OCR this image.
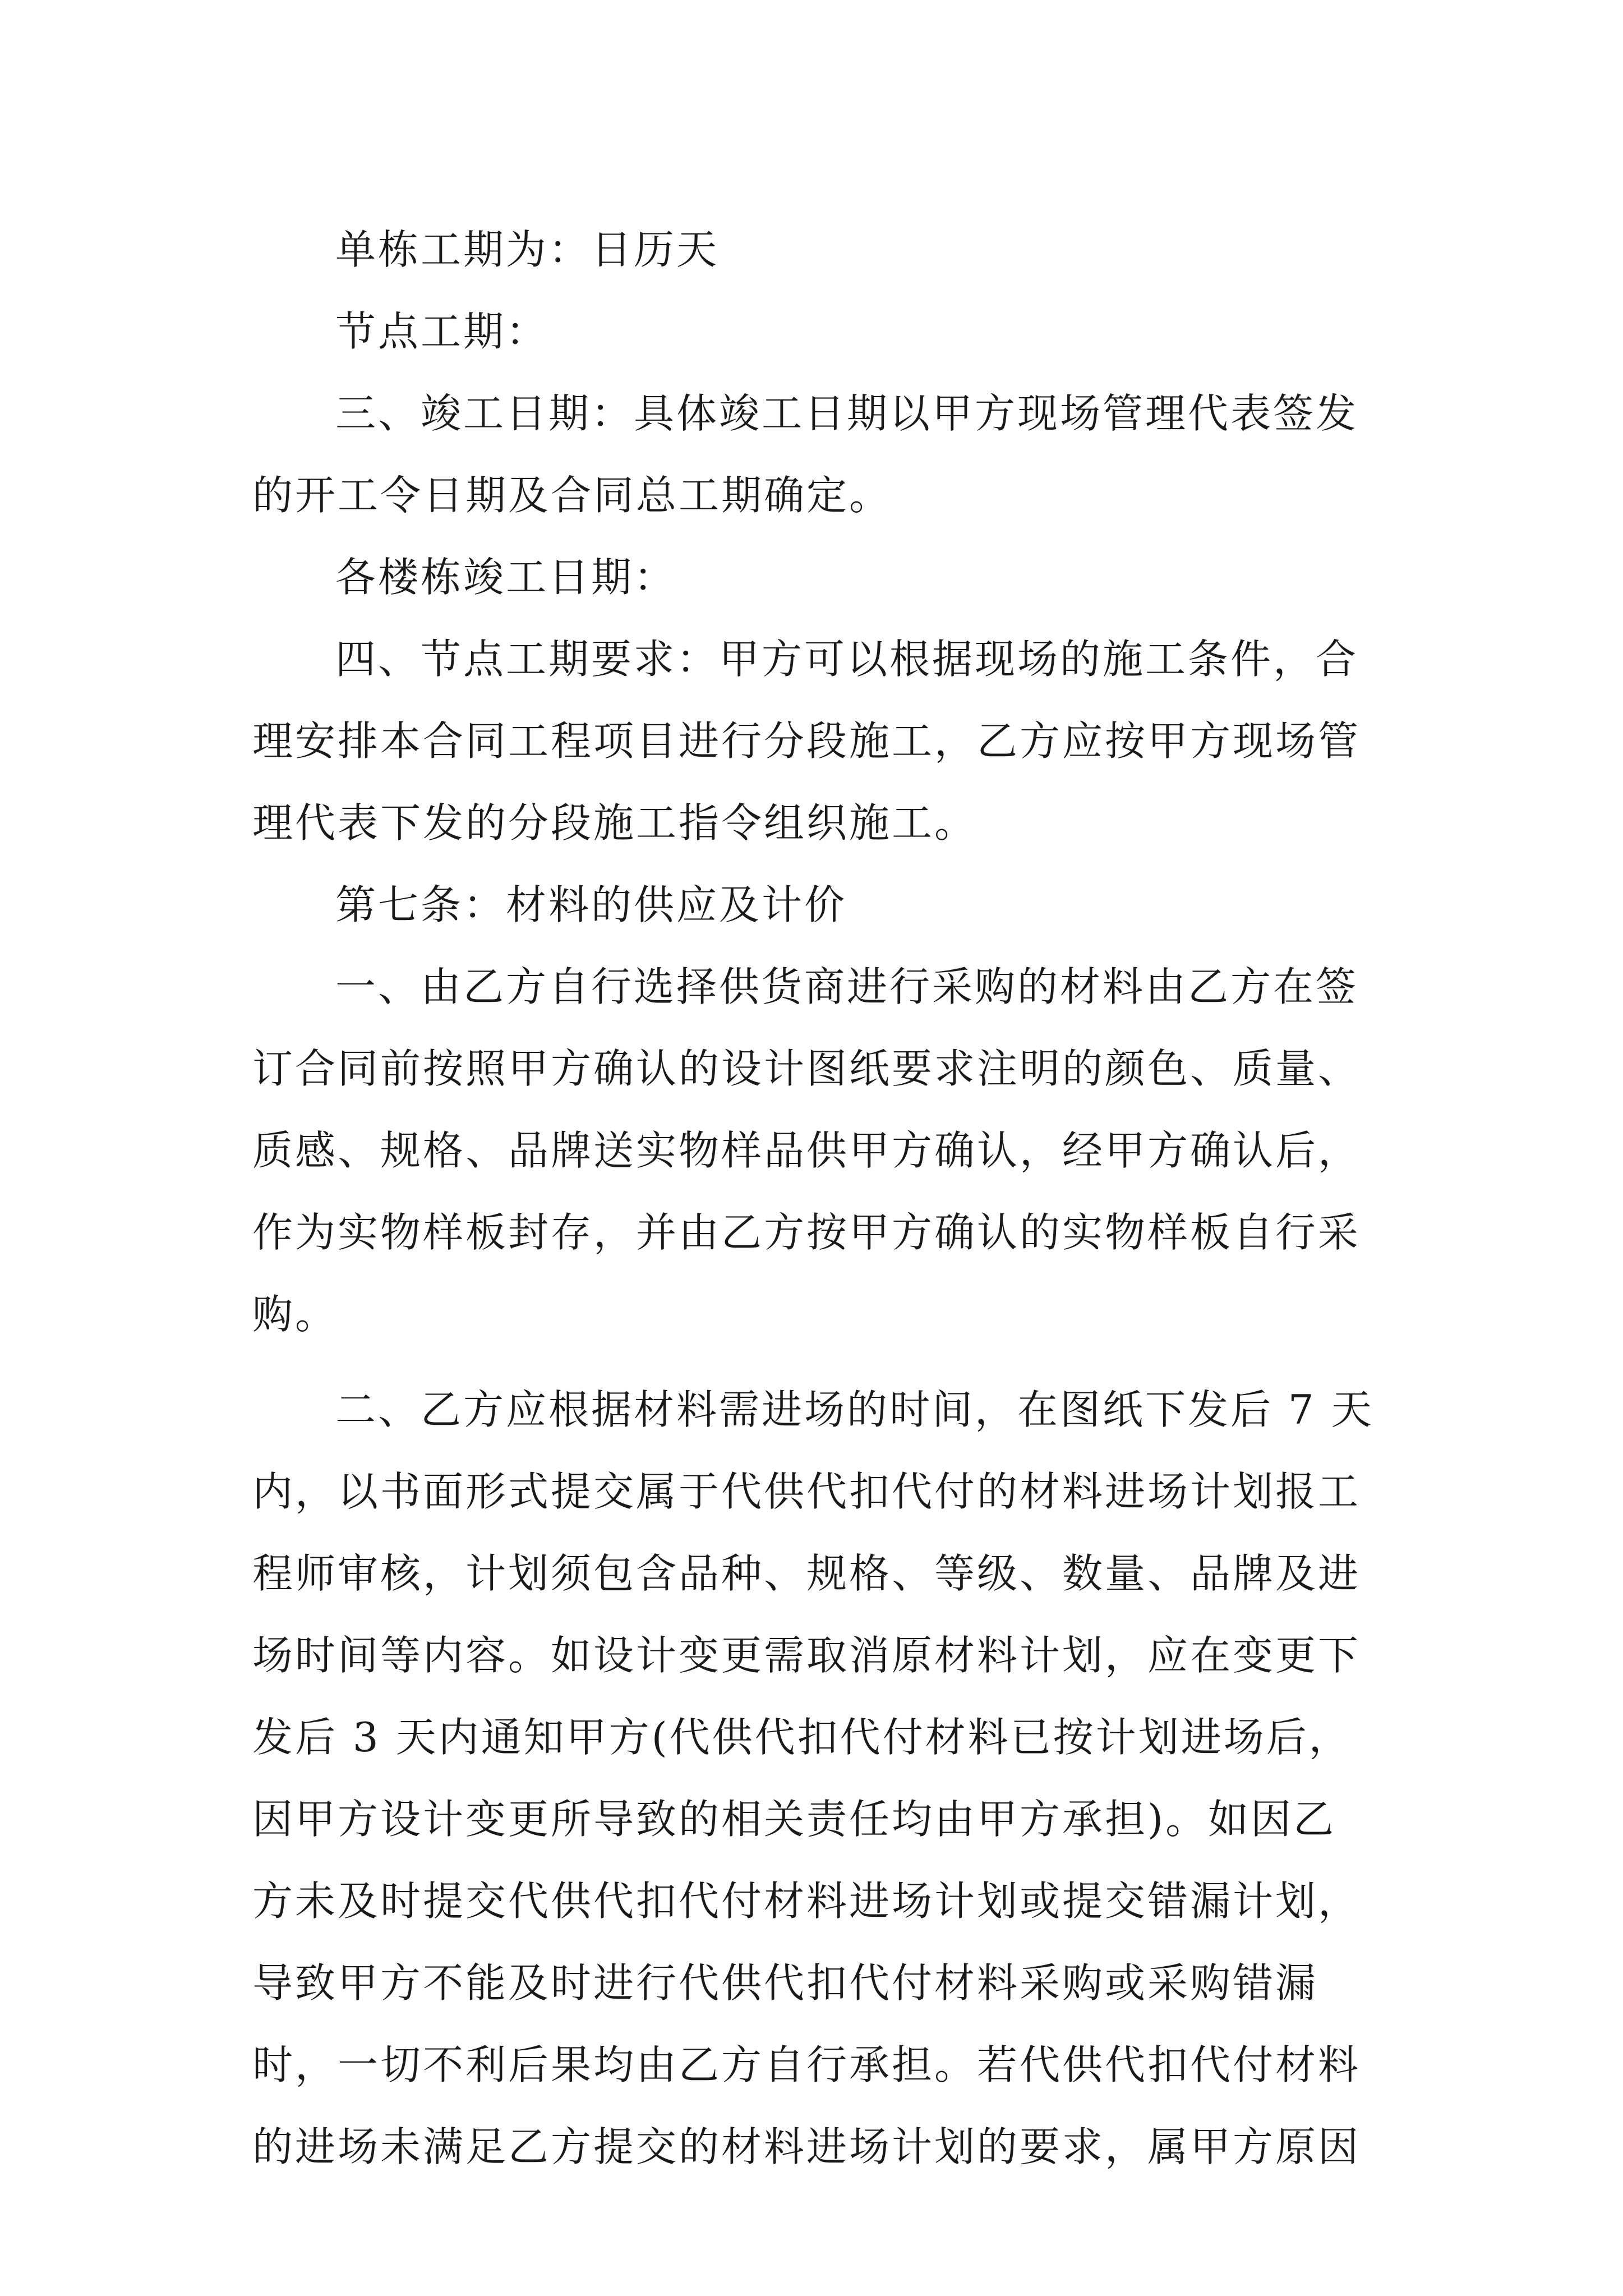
单栋工期为：日历天
节点工期：
三、竣工日期：具体竣工日期以甲方现场管理代表签发
的开工令日期及合同总工期确定。
各楼栋竣工日期：
四、节点工期要求：甲方可以根据现场的施工条件，合
理安排本合同工程项目进行分段施工，乙方应按甲方现场管
理代表下发的分段施工指令组织施工。
第七条：材料的供应及计价
一、由乙方自行选择供货商进行采购的材料由乙方在签
订合同前按照甲方确认的设计图纸要求注明的颜色、质量、
质感、规格、品牌送实物样品供甲方确认，经甲方确认后，
作为实物样板封存，并由乙方按甲方确认的实物样板自行采
购。
二、乙方应根据材料需进场的时间，在图纸下发后 7 天
内，以书面形式提交属于代供代扣代付的材料进场计划报工
程师审核，计划须包含品种、规格、等级、数量、品牌及进
场时间等内容。如设计变更需取消原材料计划，应在变更下
发后 3 天内通知甲方(代供代扣代付材料已按计划进场后，
因甲方设计变更所导致的相关责任均由甲方承担)。如因乙
方未及时提交代供代扣代付材料进场计划或提交错漏计划，
导致甲方不能及时进行代供代扣代付材料采购或采购错漏
时，一切不利后果均由乙方自行承担。若代供代扣代付材料
的进场未满足乙方提交的材料进场计划的要求，属甲方原因
